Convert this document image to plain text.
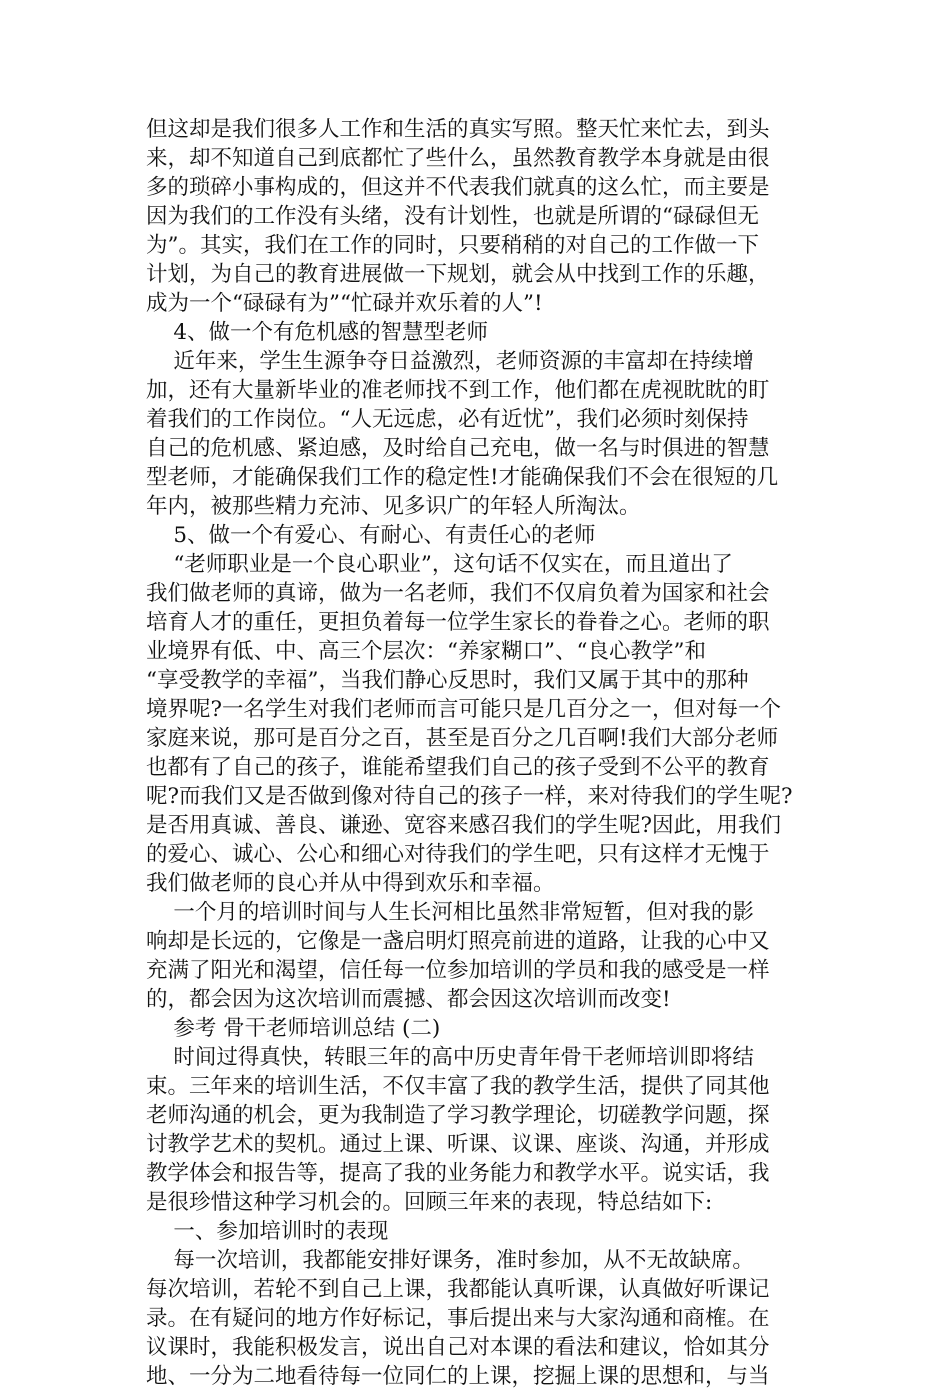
但这却是我们很多人工作和生活的真实写照。整天忙来忙去，到头
来，却不知道自己到底都忙了些什么，虽然教育教学本身就是由很
多的琐碎小事构成的，但这并不代表我们就真的这么忙，而主要是
因为我们的工作没有头绪，没有计划性，也就是所谓的“碌碌但无
为”。其实，我们在工作的同时，只要稍稍的对自己的工作做一下
计划，为自己的教育进展做一下规划，就会从中找到工作的乐趣，
成为一个“碌碌有为”“忙碌并欢乐着的人”!
4、做一个有危机感的智慧型老师
近年来，学生生源争夺日益激烈，老师资源的丰富却在持续增
加，还有大量新毕业的准老师找不到工作，他们都在虎视眈眈的盯
着我们的工作岗位。“人无远虑，必有近忧”，我们必须时刻保持
自己的危机感、紧迫感，及时给自己充电，做一名与时俱进的智慧
型老师，才能确保我们工作的稳定性!才能确保我们不会在很短的几
年内，被那些精力充沛、见多识广的年轻人所淘汰。
5、做一个有爱心、有耐心、有责任心的老师
“老师职业是一个良心职业”，这句话不仅实在，而且道出了
我们做老师的真谛，做为一名老师，我们不仅肩负着为国家和社会
培育人才的重任，更担负着每一位学生家长的眷眷之心。老师的职
业境界有低、中、高三个层次：“养家糊口”、“良心教学”和
“享受教学的幸福”，当我们静心反思时，我们又属于其中的那种
境界呢?一名学生对我们老师而言可能只是几百分之一，但对每一个
家庭来说，那可是百分之百，甚至是百分之几百啊!我们大部分老师
也都有了自己的孩子，谁能希望我们自己的孩子受到不公平的教育
呢?而我们又是否做到像对待自己的孩子一样，来对待我们的学生呢?
是否用真诚、善良、谦逊、宽容来感召我们的学生呢?因此，用我们
的爱心、诚心、公心和细心对待我们的学生吧，只有这样才无愧于
我们做老师的良心并从中得到欢乐和幸福。
一个月的培训时间与人生长河相比虽然非常短暂，但对我的影
响却是长远的，它像是一盏启明灯照亮前进的道路，让我的心中又
充满了阳光和渴望，信任每一位参加培训的学员和我的感受是一样
的，都会因为这次培训而震撼、都会因这次培训而改变!
参考 骨干老师培训总结 (二)
时间过得真快，转眼三年的高中历史青年骨干老师培训即将结
束。三年来的培训生活，不仅丰富了我的教学生活，提供了同其他
老师沟通的机会，更为我制造了学习教学理论，切磋教学问题，探
讨教学艺术的契机。通过上课、听课、议课、座谈、沟通，并形成
教学体会和报告等，提高了我的业务能力和教学水平。说实话，我
是很珍惜这种学习机会的。回顾三年来的表现，特总结如下:
一、参加培训时的表现
每一次培训，我都能安排好课务，准时参加，从不无故缺席。
每次培训，若轮不到自己上课，我都能认真听课，认真做好听课记
录。在有疑问的地方作好标记，事后提出来与大家沟通和商榷。在
议课时，我能积极发言，说出自己对本课的看法和建议，恰如其分
地、一分为二地看待每一位同仁的上课，挖掘上课的思想和，与当
